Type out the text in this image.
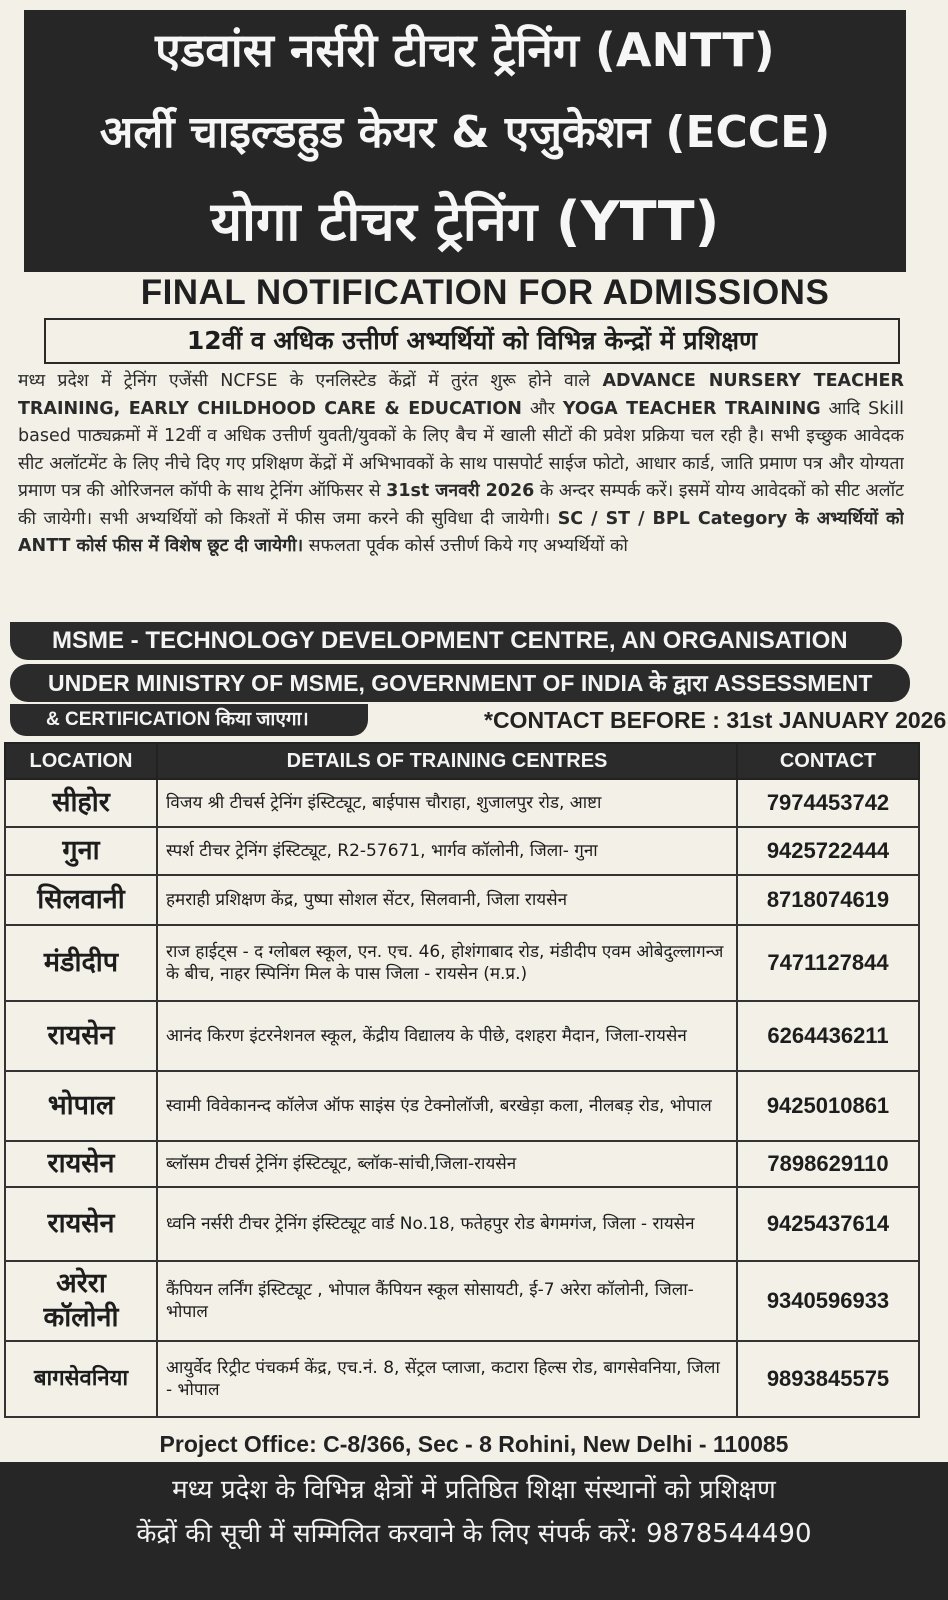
एडवांस नर्सरी टीचर ट्रेनिंग (ANTT)
अर्ली चाइल्डहुड केयर & एजुकेशन (ECCE)
योगा टीचर ट्रेनिंग (YTT)
FINAL NOTIFICATION FOR ADMISSIONS
12वीं व अधिक उत्तीर्ण अभ्यर्थियों को विभिन्न केन्द्रों में प्रशिक्षण
मध्य प्रदेश में ट्रेनिंग एजेंसी NCFSE के एनलिस्टेड केंद्रों में तुरंत शुरू होने वाले ADVANCE NURSERY TEACHER TRAINING, EARLY CHILDHOOD CARE & EDUCATION और YOGA TEACHER TRAINING आदि Skill based पाठ्यक्रमों में 12वीं व अधिक उत्तीर्ण युवती/युवकों के लिए बैच में खाली सीटों की प्रवेश प्रक्रिया चल रही है। सभी इच्छुक आवेदक सीट अलॉटमेंट के लिए नीचे दिए गए प्रशिक्षण केंद्रों में अभिभावकों के साथ पासपोर्ट साईज फोटो, आधार कार्ड, जाति प्रमाण पत्र और योग्यता प्रमाण पत्र की ओरिजनल कॉपी के साथ ट्रेनिंग ऑफिसर से 31st जनवरी 2026 के अन्दर सम्पर्क करें। इसमें योग्य आवेदकों को सीट अलॉट की जायेगी। सभी अभ्यर्थियों को किश्तों में फीस जमा करने की सुविधा दी जायेगी। SC / ST / BPL Category के अभ्यर्थियों को ANTT कोर्स फीस में विशेष छूट दी जायेगी। सफलता पूर्वक कोर्स उत्तीर्ण किये गए अभ्यर्थियों को
MSME - TECHNOLOGY DEVELOPMENT CENTRE, AN ORGANISATION
UNDER MINISTRY OF MSME, GOVERNMENT OF INDIA के द्वारा ASSESSMENT
& CERTIFICATION किया जाएगा।	*CONTACT BEFORE : 31st JANUARY 2026
LOCATION	DETAILS OF TRAINING CENTRES	CONTACT
सीहोर	विजय श्री टीचर्स ट्रेनिंग इंस्टिट्यूट, बाईपास चौराहा, शुजालपुर रोड, आष्टा	7974453742
गुना	स्पर्श टीचर ट्रेनिंग इंस्टिट्यूट, R2-57671, भार्गव कॉलोनी, जिला- गुना	9425722444
सिलवानी	हमराही प्रशिक्षण केंद्र, पुष्पा सोशल सेंटर, सिलवानी, जिला रायसेन	8718074619
मंडीदीप	राज हाईट्स - द ग्लोबल स्कूल, एन. एच. 46, होशंगाबाद रोड, मंडीदीप एवम ओबेदुल्लागन्ज के बीच, नाहर स्पिनिंग मिल के पास जिला - रायसेन (म.प्र.)	7471127844
रायसेन	आनंद किरण इंटरनेशनल स्कूल, केंद्रीय विद्यालय के पीछे, दशहरा मैदान, जिला-रायसेन	6264436211
भोपाल	स्वामी विवेकानन्द कॉलेज ऑफ साइंस एंड टेक्नोलॉजी, बरखेड़ा कला, नीलबड़ रोड, भोपाल	9425010861
रायसेन	ब्लॉसम टीचर्स ट्रेनिंग इंस्टिट्यूट, ब्लॉक-सांची,जिला-रायसेन	7898629110
रायसेन	ध्वनि नर्सरी टीचर ट्रेनिंग इंस्टिट्यूट वार्ड No.18, फतेहपुर रोड बेगमगंज, जिला - रायसेन	9425437614
अरेरा कॉलोनी	कैंपियन लर्निंग इंस्टिट्यूट , भोपाल कैंपियन स्कूल सोसायटी, ई-7 अरेरा कॉलोनी, जिला-भोपाल	9340596933
बागसेवनिया	आयुर्वेद रिट्रीट पंचकर्म केंद्र, एच.नं. 8, सेंट्रल प्लाजा, कटारा हिल्स रोड, बागसेवनिया, जिला - भोपाल	9893845575
Project Office: C-8/366, Sec - 8 Rohini, New Delhi - 110085
मध्य प्रदेश के विभिन्न क्षेत्रों में प्रतिष्ठित शिक्षा संस्थानों को प्रशिक्षण
केंद्रों की सूची में सम्मिलित करवाने के लिए संपर्क करें: 9878544490
